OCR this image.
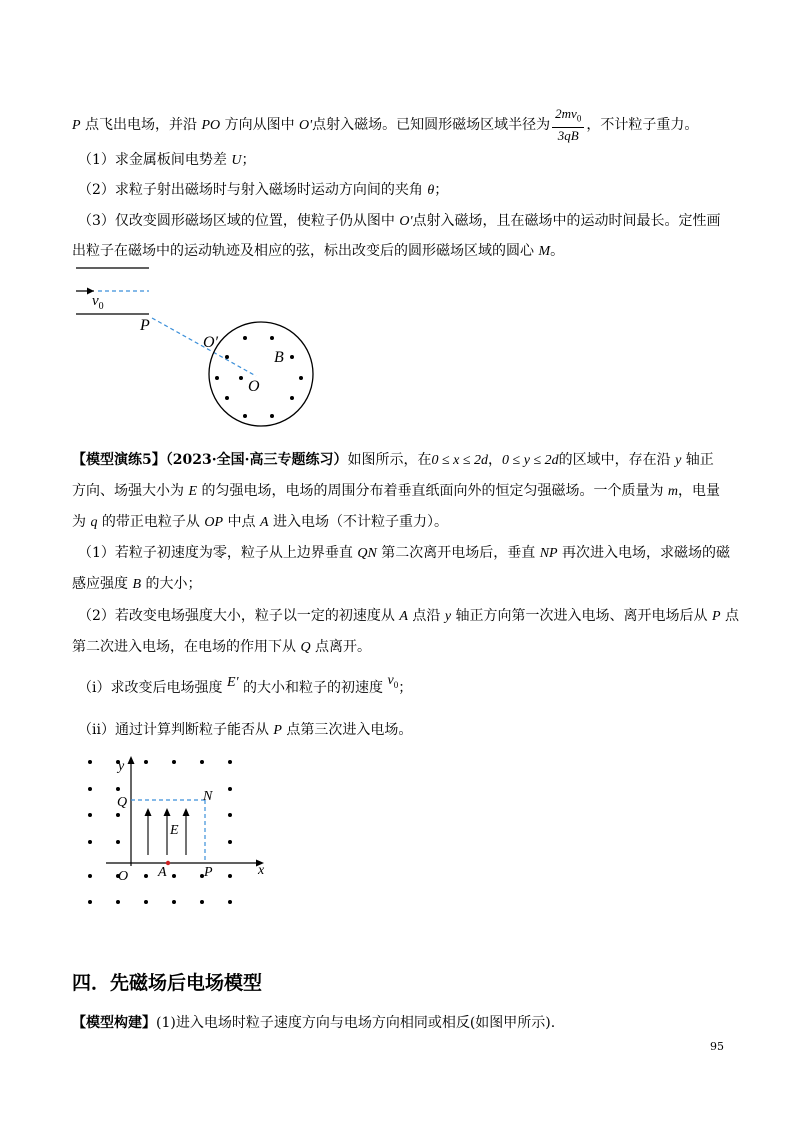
P 点飞出电场，并沿 PO 方向从图中 O'点射入磁场。已知圆形磁场区域半径为 $\frac{2mv_0}{3qB}$ ，不计粒子重力。
（1）求金属板间电势差 U；
（2）求粒子射出磁场时与射入磁场时运动方向间的夹角 θ；
（3）仅改变圆形磁场区域的位置，使粒子仍从图中 O'点射入磁场，且在磁场中的运动时间最长。定性画
出粒子在磁场中的运动轨迹及相应的弦，标出改变后的圆形磁场区域的圆心 M。
$v_0$
P
O′
B
O
【模型演练5】（2023·全国·高三专题练习）如图所示，在0 ≤ x ≤ 2d，0 ≤ y ≤ 2d的区域中，存在沿 y 轴正
方向、场强大小为 E 的匀强电场，电场的周围分布着垂直纸面向外的恒定匀强磁场。一个质量为 m，电量
为 q 的带正电粒子从 OP 中点 A 进入电场（不计粒子重力）。
（1）若粒子初速度为零，粒子从上边界垂直 QN 第二次离开电场后，垂直 NP 再次进入电场，求磁场的磁
感应强度 B 的大小；
（2）若改变电场强度大小，粒子以一定的初速度从 A 点沿 y 轴正方向第一次进入电场、离开电场后从 P 点
第二次进入电场，在电场的作用下从 Q 点离开。
（i）求改变后电场强度 E′ 的大小和粒子的初速度 $v_0$；
（ii）通过计算判断粒子能否从 P 点第三次进入电场。
y
x
Q	N
E
O A	P
四．先磁场后电场模型
【模型构建】(1)进入电场时粒子速度方向与电场方向相同或相反(如图甲所示).
95
